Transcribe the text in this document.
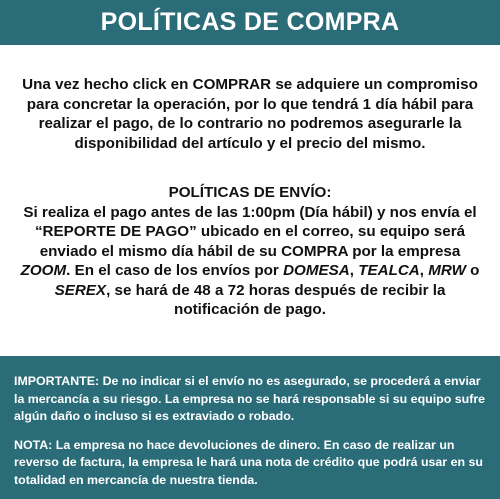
POLÍTICAS DE COMPRA

Una vez hecho click en COMPRAR se adquiere un compromiso para concretar la operación, por lo que tendrá 1 día hábil para realizar el pago, de lo contrario no podremos asegurarle la disponibilidad del artículo y el precio del mismo.

POLÍTICAS DE ENVÍO:

Si realiza el pago antes de las 1:00pm (Día hábil) y nos envía el “REPORTE DE PAGO” ubicado en el correo, su equipo será enviado el mismo día hábil de su COMPRA por la empresa ZOOM. En el caso de los envíos por DOMESA, TEALCA, MRW o SEREX, se hará de 48 a 72 horas después de recibir la notificación de pago.

IMPORTANTE: De no indicar si el envío no es asegurado, se procederá a enviar la mercancía a su riesgo. La empresa no se hará responsable si su equipo sufre algún daño o incluso si es extraviado o robado.

NOTA: La empresa no hace devoluciones de dinero. En caso de realizar un reverso de factura, la empresa le hará una nota de crédito que podrá usar en su totalidad en mercancía de nuestra tienda.
